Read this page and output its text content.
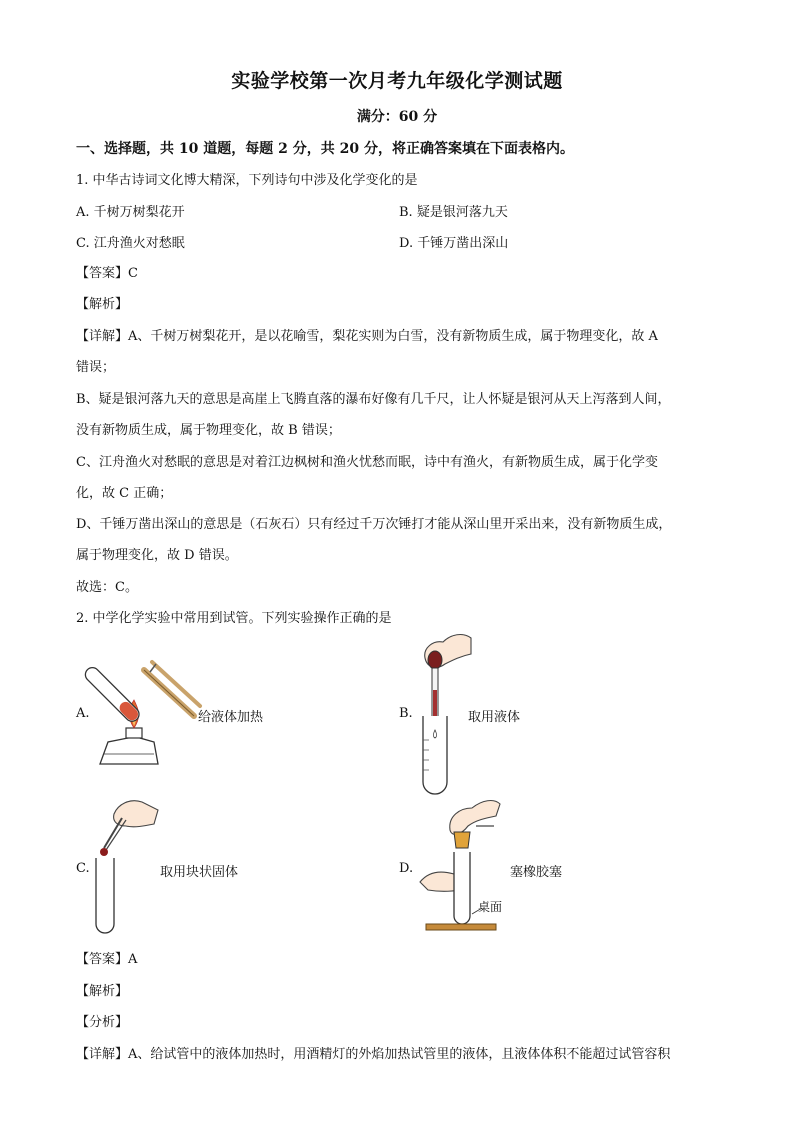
实验学校第一次月考九年级化学测试题
满分：60 分
一、选择题，共 10 道题，每题 2 分，共 20 分，将正确答案填在下面表格内。
1. 中华古诗词文化博大精深，下列诗句中涉及化学变化的是
A. 千树万树梨花开	B. 疑是银河落九天
C. 江舟渔火对愁眠	D. 千锤万凿出深山
【答案】C
【解析】
【详解】A、千树万树梨花开，是以花喻雪，梨花实则为白雪，没有新物质生成，属于物理变化，故 A
错误；
B、疑是银河落九天的意思是高崖上飞腾直落的瀑布好像有几千尺，让人怀疑是银河从天上泻落到人间，
没有新物质生成，属于物理变化，故 B 错误；
C、江舟渔火对愁眠的意思是对着江边枫树和渔火忧愁而眠，诗中有渔火，有新物质生成，属于化学变
化，故 C 正确；
D、千锤万凿出深山的意思是（石灰石）只有经过千万次锤打才能从深山里开采出来，没有新物质生成，
属于物理变化，故 D 错误。
故选：C。
2. 中学化学实验中常用到试管。下列实验操作正确的是
A.	给液体加热	B.	取用液体
C.	取用块状固体	D.	塞橡胶塞
桌面
【答案】A
【解析】
【分析】
【详解】A、给试管中的液体加热时，用酒精灯的外焰加热试管里的液体，且液体体积不能超过试管容积
